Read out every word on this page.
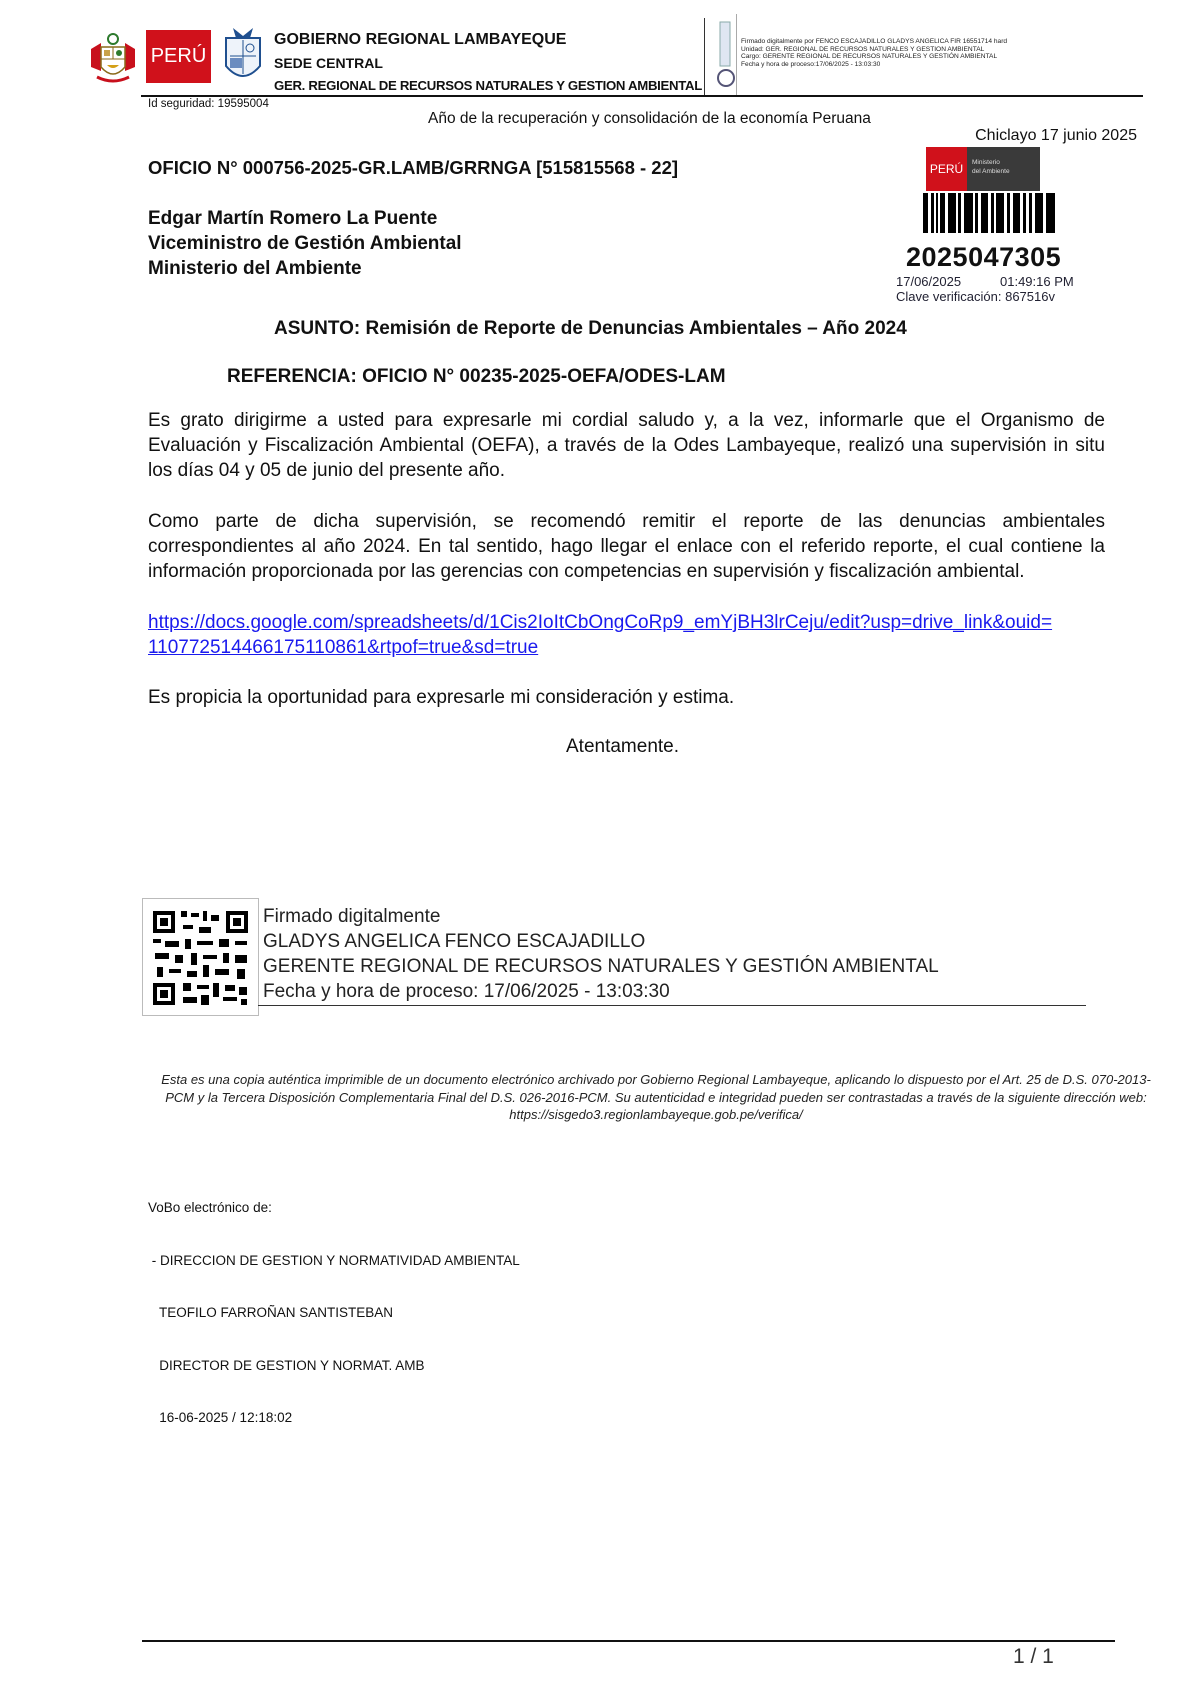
PERÚ
GOBIERNO REGIONAL LAMBAYEQUE
SEDE CENTRAL
GER. REGIONAL DE RECURSOS NATURALES Y GESTION AMBIENTAL
Firmado digitalmente por FENCO ESCAJADILLO GLADYS ANGELICA FIR 16551714 hard
Unidad: GER. REGIONAL DE RECURSOS NATURALES Y GESTION AMBIENTAL
Cargo: GERENTE REGIONAL DE RECURSOS NATURALES Y GESTIÓN AMBIENTAL
Fecha y hora de proceso:17/06/2025 - 13:03:30
Id seguridad: 19595004
Año de la recuperación y consolidación de la economía Peruana
Chiclayo 17 junio 2025
PERÚ	Ministerio
del Ambiente
2025047305
17/06/2025	01:49:16 PM
Clave verificación: 867516v
OFICIO N° 000756-2025-GR.LAMB/GRRNGA [515815568 - 22]
Edgar Martín Romero La Puente
Viceministro de Gestión Ambiental
Ministerio del Ambiente
ASUNTO: Remisión de Reporte de Denuncias Ambientales – Año 2024
REFERENCIA: OFICIO N° 00235-2025-OEFA/ODES-LAM
Es grato dirigirme a usted para expresarle mi cordial saludo y, a la vez, informarle que el Organismo de Evaluación y Fiscalización Ambiental (OEFA), a través de la Odes Lambayeque, realizó una supervisión in situ los días 04 y 05 de junio del presente año.
Como parte de dicha supervisión, se recomendó remitir el reporte de las denuncias ambientales correspondientes al año 2024. En tal sentido, hago llegar el enlace con el referido reporte, el cual contiene la información proporcionada por las gerencias con competencias en supervisión y fiscalización ambiental.
https://docs.google.com/spreadsheets/d/1Cis2IoItCbOngCoRp9_emYjBH3lrCeju/edit?usp=drive_link&ouid=
110772514466175110861&rtpof=true&sd=true
Es propicia la oportunidad para expresarle mi consideración y estima.
Atentamente.
Firmado digitalmente
GLADYS ANGELICA FENCO ESCAJADILLO
GERENTE REGIONAL DE RECURSOS NATURALES Y GESTIÓN AMBIENTAL
Fecha y hora de proceso: 17/06/2025 - 13:03:30
Esta es una copia auténtica imprimible de un documento electrónico archivado por Gobierno Regional Lambayeque, aplicando lo dispuesto por el Art. 25 de D.S. 070-2013-PCM y la Tercera Disposición Complementaria Final del D.S. 026-2016-PCM. Su autenticidad e integridad pueden ser contrastadas a través de la siguiente dirección web: https://sisgedo3.regionlambayeque.gob.pe/verifica/

VoBo electrónico de:

- DIRECCION DE GESTION Y NORMATIVIDAD AMBIENTAL

TEOFILO FARROÑAN SANTISTEBAN

DIRECTOR DE GESTION Y NORMAT. AMB

16-06-2025 / 12:18:02

1 / 1
